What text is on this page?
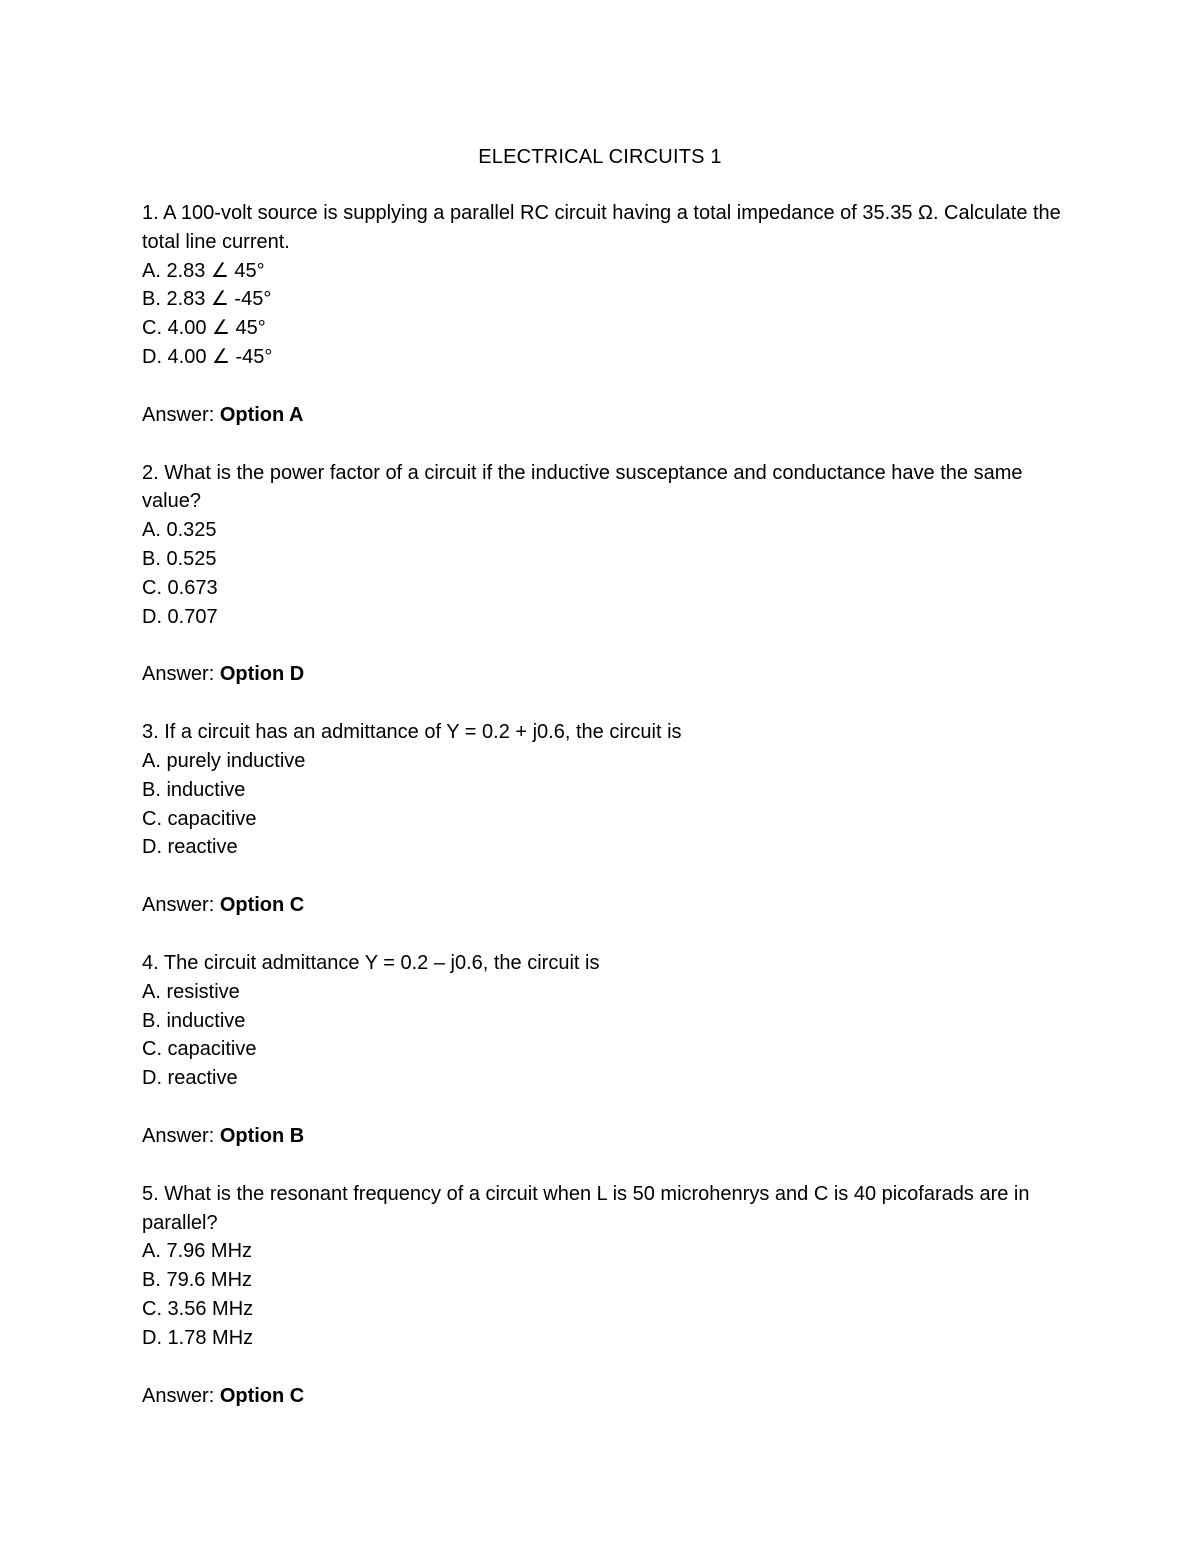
ELECTRICAL CIRCUITS 1
1. A 100-volt source is supplying a parallel RC circuit having a total impedance of 35.35 Ω. Calculate the total line current.
A. 2.83 ∠ 45°
B. 2.83 ∠ -45°
C. 4.00 ∠ 45°
D. 4.00 ∠ -45°
Answer: Option A
2. What is the power factor of a circuit if the inductive susceptance and conductance have the same value?
A. 0.325
B. 0.525
C. 0.673
D. 0.707
Answer: Option D
3. If a circuit has an admittance of Y = 0.2 + j0.6, the circuit is
A. purely inductive
B. inductive
C. capacitive
D. reactive
Answer: Option C
4. The circuit admittance Y = 0.2 – j0.6, the circuit is
A. resistive
B. inductive
C. capacitive
D. reactive
Answer: Option B
5. What is the resonant frequency of a circuit when L is 50 microhenrys and C is 40 picofarads are in parallel?
A. 7.96 MHz
B. 79.6 MHz
C. 3.56 MHz
D. 1.78 MHz
Answer: Option C
